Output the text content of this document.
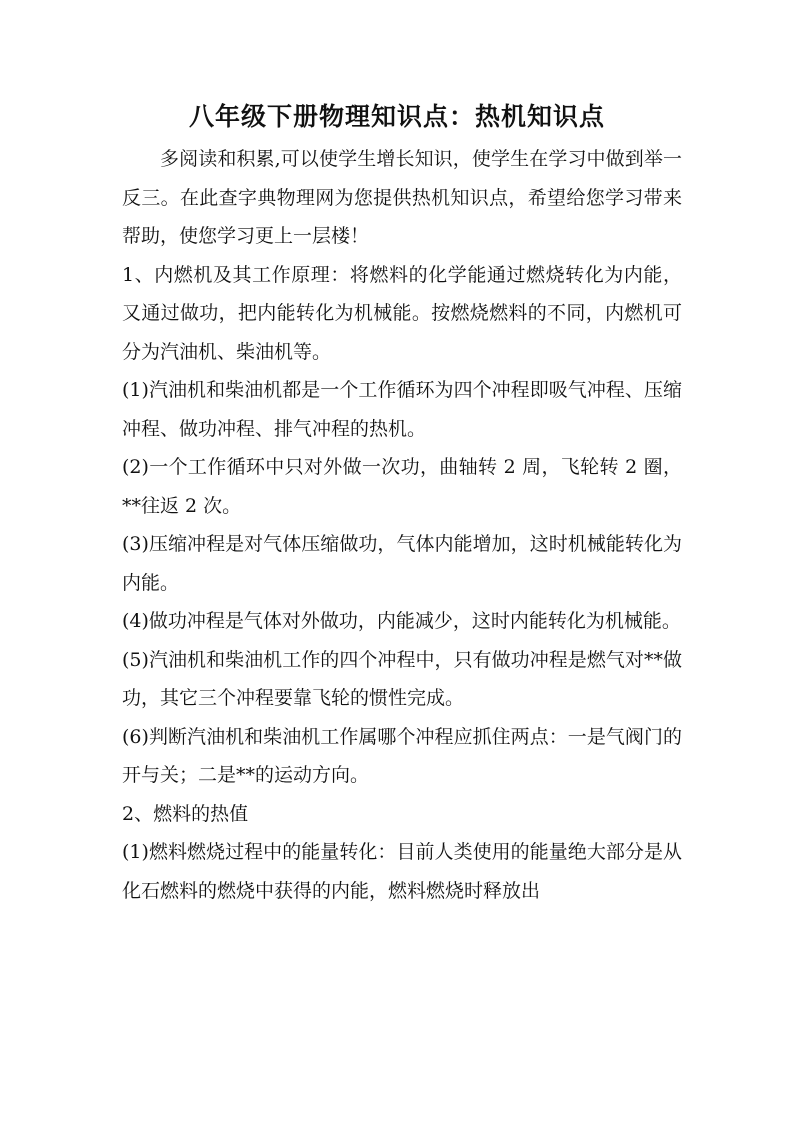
八年级下册物理知识点：热机知识点

多阅读和积累,可以使学生增长知识，使学生在学习中做到举一反三。在此查字典物理网为您提供热机知识点，希望给您学习带来帮助，使您学习更上一层楼！

1、内燃机及其工作原理：将燃料的化学能通过燃烧转化为内能，又通过做功，把内能转化为机械能。按燃烧燃料的不同，内燃机可分为汽油机、柴油机等。

(1)汽油机和柴油机都是一个工作循环为四个冲程即吸气冲程、压缩冲程、做功冲程、排气冲程的热机。

(2)一个工作循环中只对外做一次功，曲轴转 2 周，飞轮转 2 圈，**往返 2 次。

(3)压缩冲程是对气体压缩做功，气体内能增加，这时机械能转化为内能。

(4)做功冲程是气体对外做功，内能减少，这时内能转化为机械能。

(5)汽油机和柴油机工作的四个冲程中，只有做功冲程是燃气对**做功，其它三个冲程要靠飞轮的惯性完成。

(6)判断汽油机和柴油机工作属哪个冲程应抓住两点：一是气阀门的开与关；二是**的运动方向。

2、燃料的热值

(1)燃料燃烧过程中的能量转化：目前人类使用的能量绝大部分是从化石燃料的燃烧中获得的内能，燃料燃烧时释放出
